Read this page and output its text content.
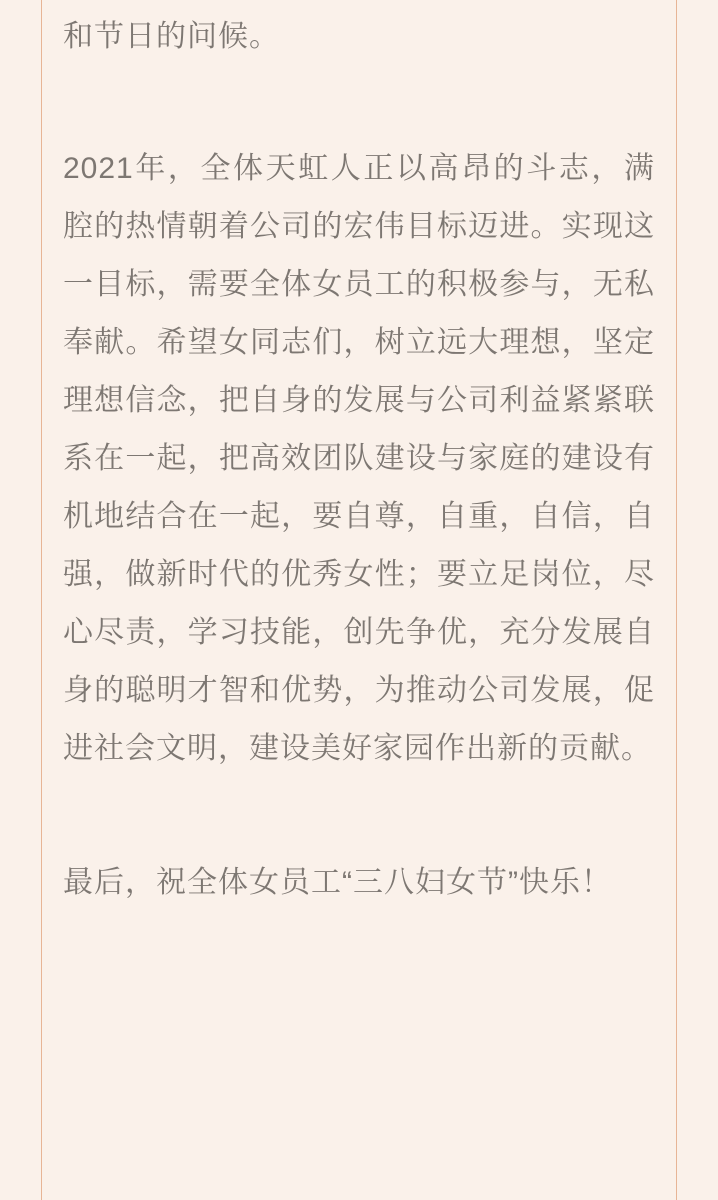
和节日的问候。

2021年，全体天虹人正以高昂的斗志，满腔的热情朝着公司的宏伟目标迈进。实现这一目标，需要全体女员工的积极参与，无私奉献。希望女同志们，树立远大理想，坚定理想信念，把自身的发展与公司利益紧紧联系在一起，把高效团队建设与家庭的建设有机地结合在一起，要自尊，自重，自信，自强，做新时代的优秀女性；要立足岗位，尽心尽责，学习技能，创先争优，充分发展自身的聪明才智和优势，为推动公司发展，促进社会文明，建设美好家园作出新的贡献。

最后，祝全体女员工“三八妇女节”快乐！
